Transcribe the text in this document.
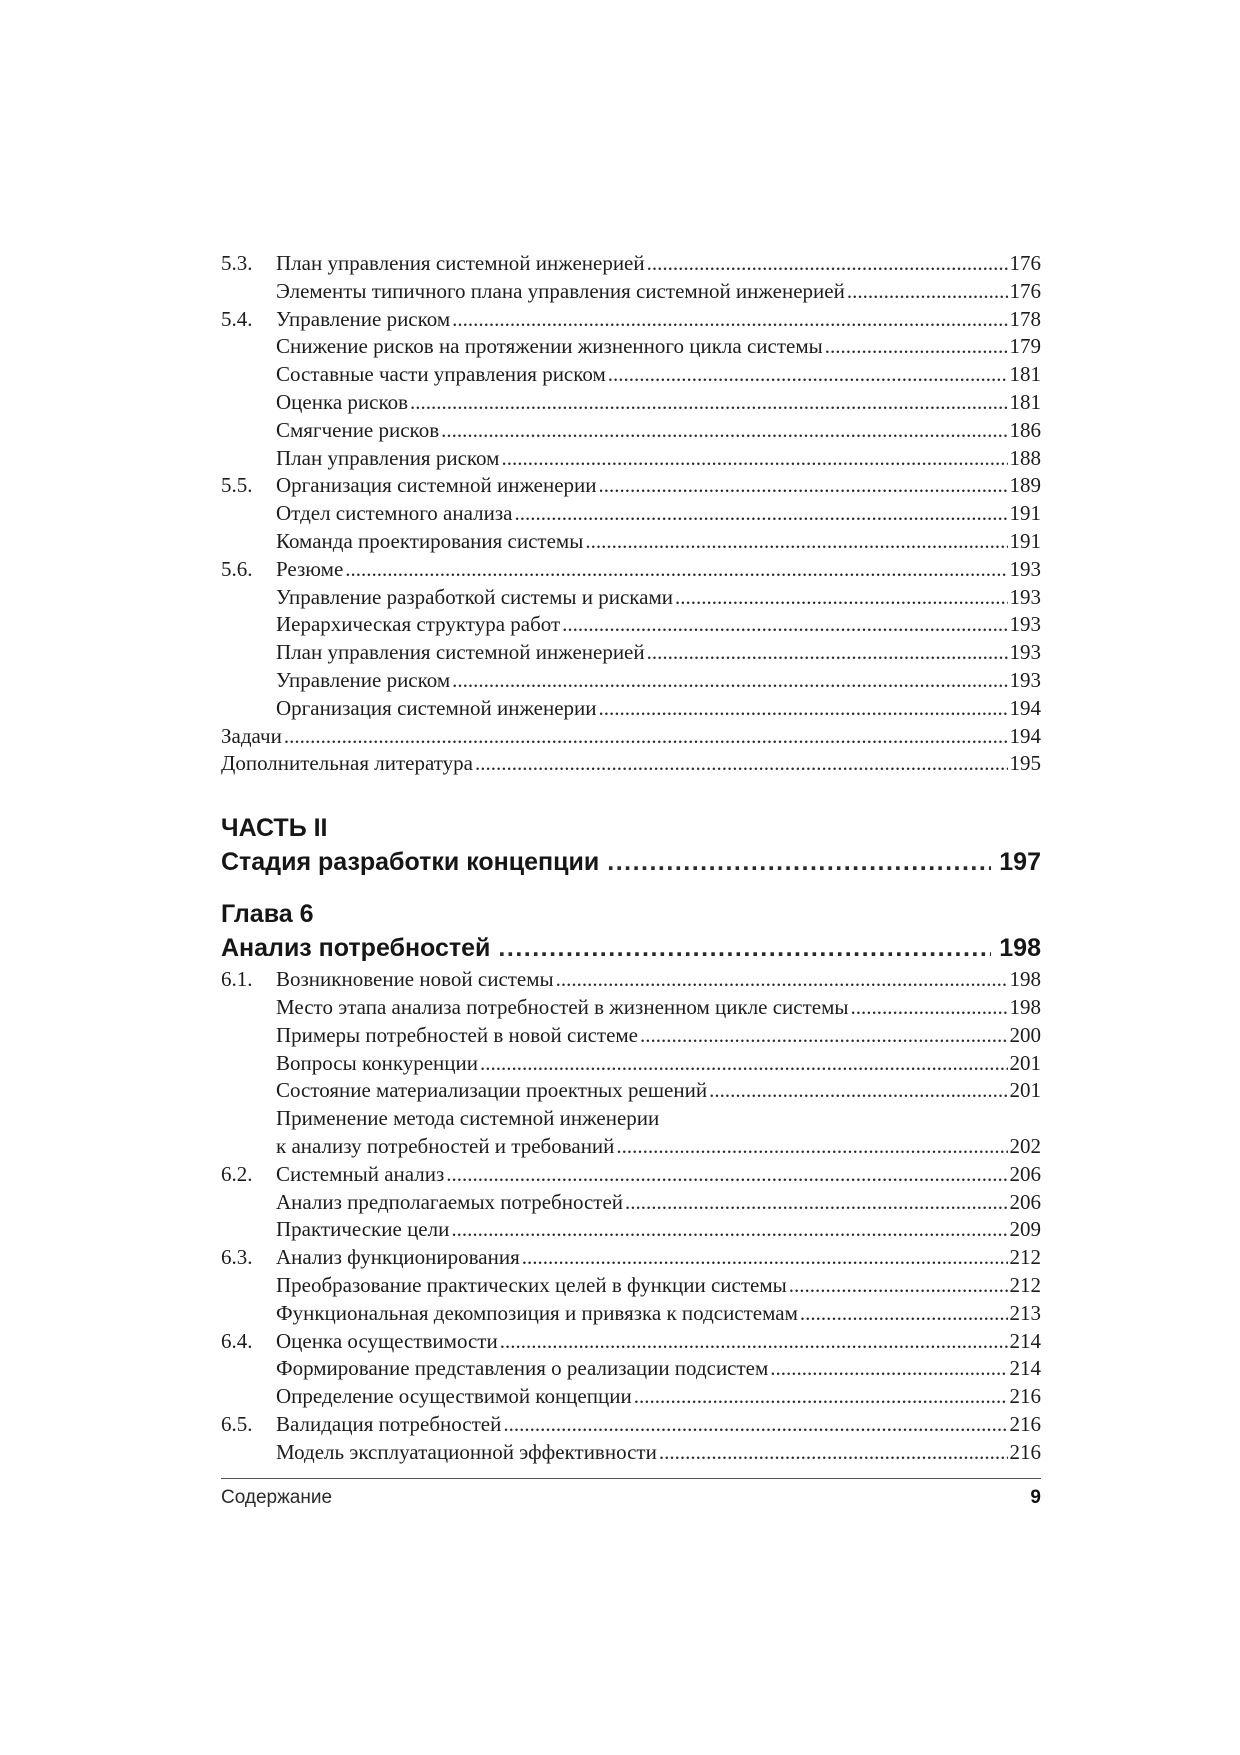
5.3.	План управления системной инженерией .....	176
Элементы типичного плана управления системной инженерией .....	176
5.4.	Управление риском .....	178
Снижение рисков на протяжении жизненного цикла системы .....	179
Составные части управления риском .....	181
Оценка рисков .....	181
Смягчение рисков .....	186
План управления риском .....	188
5.5.	Организация системной инженерии .....	189
Отдел системного анализа .....	191
Команда проектирования системы .....	191
5.6.	Резюме .....	193
Управление разработкой системы и рисками .....	193
Иерархическая структура работ .....	193
План управления системной инженерией .....	193
Управление риском .....	193
Организация системной инженерии .....	194
Задачи .....	194
Дополнительная литература .....	195
ЧАСТЬ II
Стадия разработки концепции .....	197
Глава 6
Анализ потребностей .....	198
6.1.	Возникновение новой системы .....	198
Место этапа анализа потребностей в жизненном цикле системы .....	198
Примеры потребностей в новой системе .....	200
Вопросы конкуренции .....	201
Состояние материализации проектных решений .....	201
Применение метода системной инженерии
к анализу потребностей и требований .....	202
6.2.	Системный анализ .....	206
Анализ предполагаемых потребностей .....	206
Практические цели .....	209
6.3.	Анализ функционирования .....	212
Преобразование практических целей в функции системы .....	212
Функциональная декомпозиция и привязка к подсистемам .....	213
6.4.	Оценка осуществимости .....	214
Формирование представления о реализации подсистем .....	214
Определение осуществимой концепции .....	216
6.5.	Валидация потребностей .....	216
Модель эксплуатационной эффективности .....	216
Содержание	9
